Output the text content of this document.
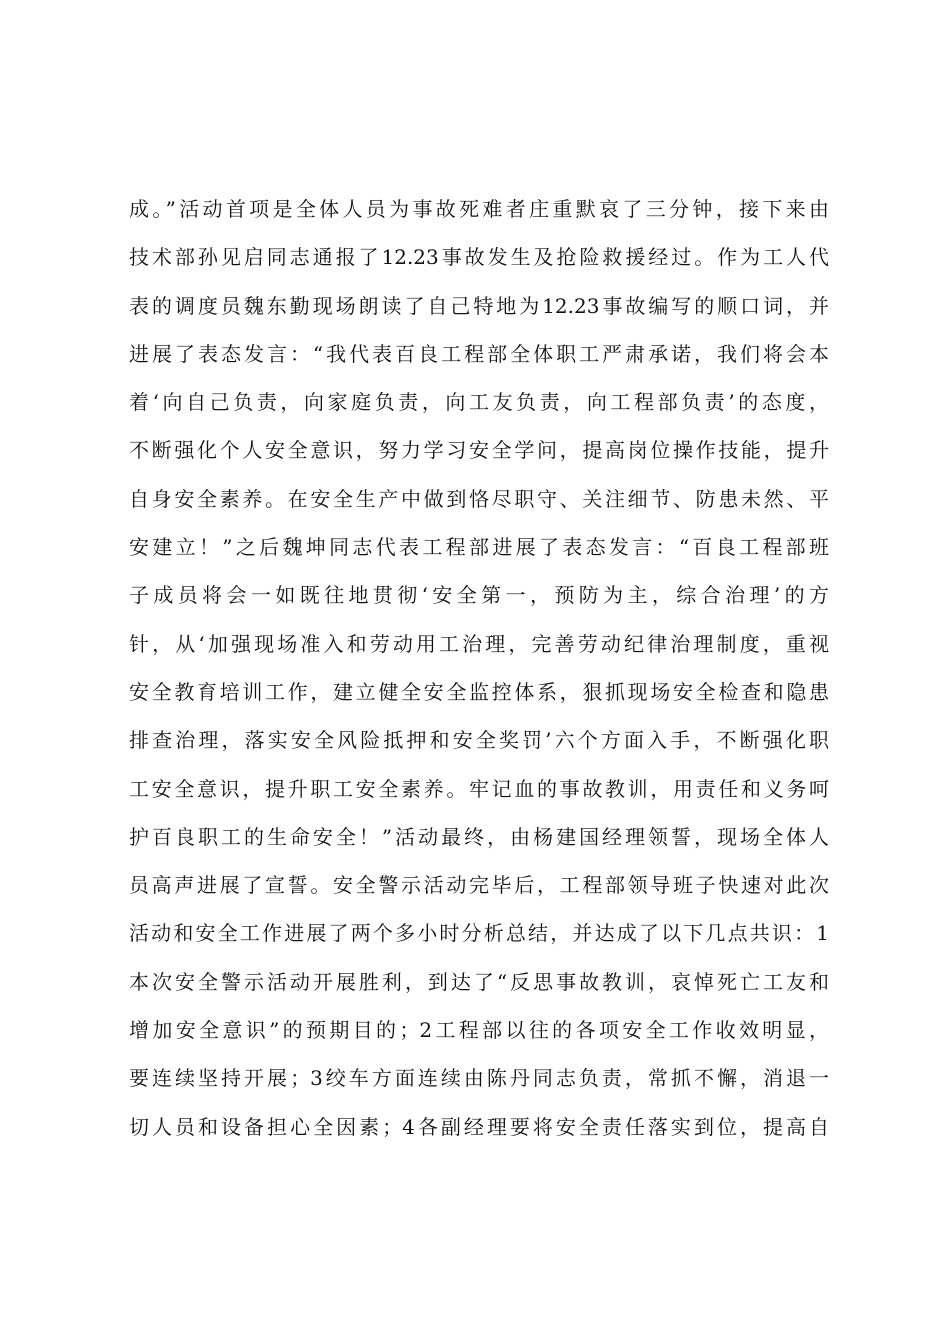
成。”活动首项是全体人员为事故死难者庄重默哀了三分钟，接下来由
技术部孙见启同志通报了12.23事故发生及抢险救援经过。作为工人代
表的调度员魏东勤现场朗读了自己特地为12.23事故编写的顺口词，并
进展了表态发言：“我代表百良工程部全体职工严肃承诺，我们将会本
着‘向自己负责，向家庭负责，向工友负责，向工程部负责’的态度，
不断强化个人安全意识，努力学习安全学问，提高岗位操作技能，提升
自身安全素养。在安全生产中做到恪尽职守、关注细节、防患未然、平
安建立！”之后魏坤同志代表工程部进展了表态发言：“百良工程部班
子成员将会一如既往地贯彻‘安全第一，预防为主，综合治理’的方
针，从‘加强现场准入和劳动用工治理，完善劳动纪律治理制度，重视
安全教育培训工作，建立健全安全监控体系，狠抓现场安全检查和隐患
排查治理，落实安全风险抵押和安全奖罚’六个方面入手，不断强化职
工安全意识，提升职工安全素养。牢记血的事故教训，用责任和义务呵
护百良职工的生命安全！”活动最终，由杨建国经理领誓，现场全体人
员高声进展了宣誓。安全警示活动完毕后，工程部领导班子快速对此次
活动和安全工作进展了两个多小时分析总结，并达成了以下几点共识：1
本次安全警示活动开展胜利，到达了“反思事故教训，哀悼死亡工友和
增加安全意识”的预期目的；2工程部以往的各项安全工作收效明显，
要连续坚持开展；3绞车方面连续由陈丹同志负责，常抓不懈，消退一
切人员和设备担心全因素；4各副经理要将安全责任落实到位，提高自
